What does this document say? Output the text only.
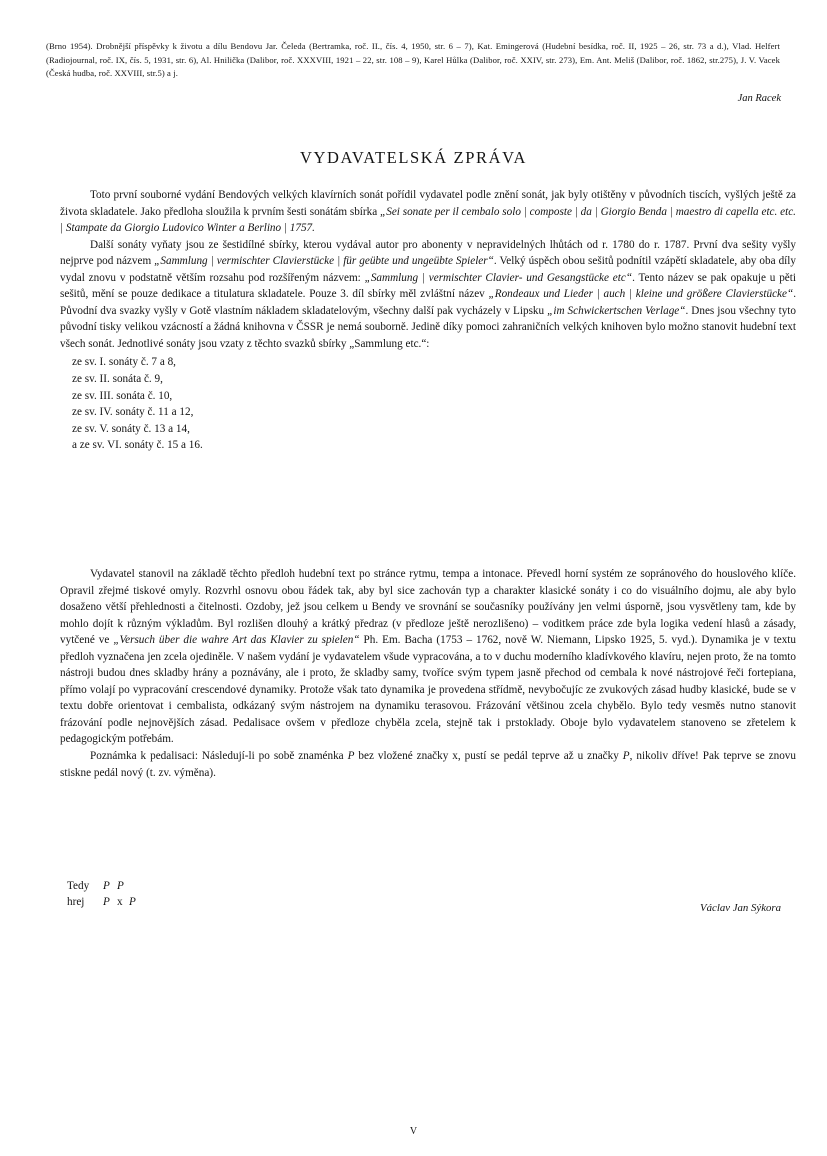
(Brno 1954). Drobnější příspěvky k životu a dílu Bendovu Jar. Čeleda (Bertramka, roč. II., čís. 4, 1950, str. 6 – 7), Kat. Emingerová (Hudební besídka, roč. II, 1925 – 26, str. 73 a d.), Vlad. Helfert (Radiojournal, roč. IX, čís. 5, 1931, str. 6), Al. Hnilička (Dalibor, roč. XXXVIII, 1921 – 22, str. 108 – 9), Karel Hůlka (Dalibor, roč. XXIV, str. 273), Em. Ant. Meliš (Dalibor, roč. 1862, str.275), J. V. Vacek (Česká hudba, roč. XXVIII, str.5) a j.
Jan Racek
VYDAVATELSKÁ ZPRÁVA

Toto první souborné vydání Bendových velkých klavírních sonát pořídil vydavatel podle znění sonát, jak byly otištěny v původních tiscích, vyšlých ještě za života skladatele. Jako předloha sloužila k prvním šesti sonátám sbírka „Sei sonate per il cembalo solo | composte | da | Giorgio Benda | maestro di capella etc. etc. | Stampate da Giorgio Ludovico Winter a Berlino | 1757.

Další sonáty vyňaty jsou ze šestidílné sbírky, kterou vydával autor pro abonenty v nepravidelných lhůtách od r. 1780 do r. 1787. První dva sešity vyšly nejprve pod názvem „Sammlung | vermischter Clavierstücke | für geübte und ungeübte Spieler“. Velký úspěch obou sešitů podnítil vzápětí skladatele, aby oba díly vydal znovu v podstatně větším rozsahu pod rozšířeným názvem: „Sammlung | vermischter Clavier- und Gesangstücke etc“. Tento název se pak opakuje u pěti sešitů, mění se pouze dedikace a titulatura skladatele. Pouze 3. díl sbírky měl zvláštní název „Rondeaux und Lieder | auch | kleine und größere Clavierstücke“. Původní dva svazky vyšly v Gotě vlastním nákladem skladatelovým, všechny další pak vycházely v Lipsku „im Schwickertschen Verlage“. Dnes jsou všechny tyto původní tisky velikou vzácností a žádná knihovna v ČSSR je nemá souborně. Jedině díky pomoci zahraničních velkých knihoven bylo možno stanovit hudební text všech sonát. Jednotlivé sonáty jsou vzaty z těchto svazků sbírky „Sammlung etc.“:

ze sv. I. sonáty č. 7 a 8,
ze sv. II. sonáta č. 9,
ze sv. III. sonáta č. 10,
ze sv. IV. sonáty č. 11 a 12,
ze sv. V. sonáty č. 13 a 14,
a ze sv. VI. sonáty č. 15 a 16.

Vydavatel stanovil na základě těchto předloh hudební text po stránce rytmu, tempa a intonace. Převedl horní systém ze sopránového do houslového klíče. Opravil zřejmé tiskové omyly. Rozvrhl osnovu obou řádek tak, aby byl sice zachován typ a charakter klasické sonáty i co do visuálního dojmu, ale aby bylo dosaženo větší přehlednosti a čitelnosti. Ozdoby, jež jsou celkem u Bendy ve srovnání se současníky používány jen velmi úsporně, jsou vysvětleny tam, kde by mohlo dojít k různým výkladům. Byl rozlišen dlouhý a krátký předraz (v předloze ještě nerozlišeno) – voditkem práce zde byla logika vedení hlasů a zásady, vytčené ve „Versuch über die wahre Art das Klavier zu spielen“ Ph. Em. Bacha (1753 – 1762, nově W. Niemann, Lipsko 1925, 5. vyd.). Dynamika je v textu předloh vyznačena jen zcela ojediněle. V našem vydání je vydavatelem všude vypracována, a to v duchu moderního kladívkového klavíru, nejen proto, že na tomto nástroji budou dnes skladby hrány a poznávány, ale i proto, že skladby samy, tvoříce svým typem jasně přechod od cembala k nové nástrojové řeči fortepiana, přímo volají po vypracování crescendové dynamiky. Protože však tato dynamika je provedena střídmě, nevybočujíc ze zvukových zásad hudby klasické, bude se v textu dobře orientovat i cembalista, odkázaný svým nástrojem na dynamiku terasovou. Frázování většinou zcela chybělo. Bylo tedy vesměs nutno stanovit frázování podle nejnovějších zásad. Pedalisace ovšem v předloze chyběla zcela, stejně tak i prstoklady. Oboje bylo vydavatelem stanoveno se zřetelem k pedagogickým potřebám.

Poznámka k pedalisaci: Následují-li po sobě znaménka P bez vložené značky x, pustí se pedál teprve až u značky P, nikoliv dříve! Pak teprve se znovu stiskne pedál nový (t. zv. výměna).

Tedy	P P
hrej	P x P	Václav Jan Sýkora
V
